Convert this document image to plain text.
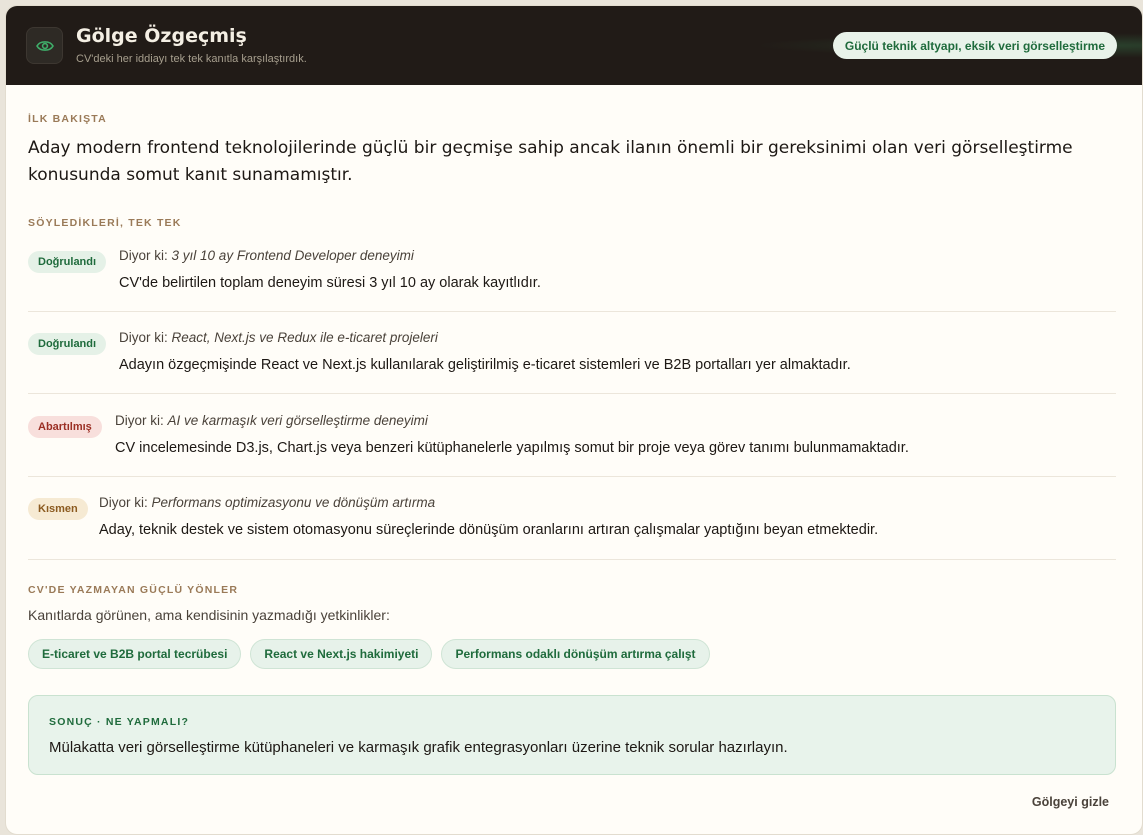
Gölge Özgeçmiş
CV'deki her iddiayı tek tek kanıtla karşılaştırdık.
Güçlü teknik altyapı, eksik veri görselleştirme
İLK BAKIŞTA
Aday modern frontend teknolojilerinde güçlü bir geçmişe sahip ancak ilanın önemli bir gereksinimi olan veri görselleştirme konusunda somut kanıt sunamamıştır.
SÖYLEDİKLERİ, TEK TEK
Doğrulandı	Diyor ki: 3 yıl 10 ay Frontend Developer deneyimi
CV'de belirtilen toplam deneyim süresi 3 yıl 10 ay olarak kayıtlıdır.
Doğrulandı	Diyor ki: React, Next.js ve Redux ile e-ticaret projeleri
Adayın özgeçmişinde React ve Next.js kullanılarak geliştirilmiş e-ticaret sistemleri ve B2B portalları yer almaktadır.
Abartılmış	Diyor ki: AI ve karmaşık veri görselleştirme deneyimi
CV incelemesinde D3.js, Chart.js veya benzeri kütüphanelerle yapılmış somut bir proje veya görev tanımı bulunmamaktadır.
Kısmen	Diyor ki: Performans optimizasyonu ve dönüşüm artırma
Aday, teknik destek ve sistem otomasyonu süreçlerinde dönüşüm oranlarını artıran çalışmalar yaptığını beyan etmektedir.
CV'DE YAZMAYAN GÜÇLÜ YÖNLER
Kanıtlarda görünen, ama kendisinin yazmadığı yetkinlikler:
E-ticaret ve B2B portal tecrübesi	React ve Next.js hakimiyeti	Performans odaklı dönüşüm artırma çalışt
SONUÇ · NE YAPMALI?
Mülakatta veri görselleştirme kütüphaneleri ve karmaşık grafik entegrasyonları üzerine teknik sorular hazırlayın.
Gölgeyi gizle
